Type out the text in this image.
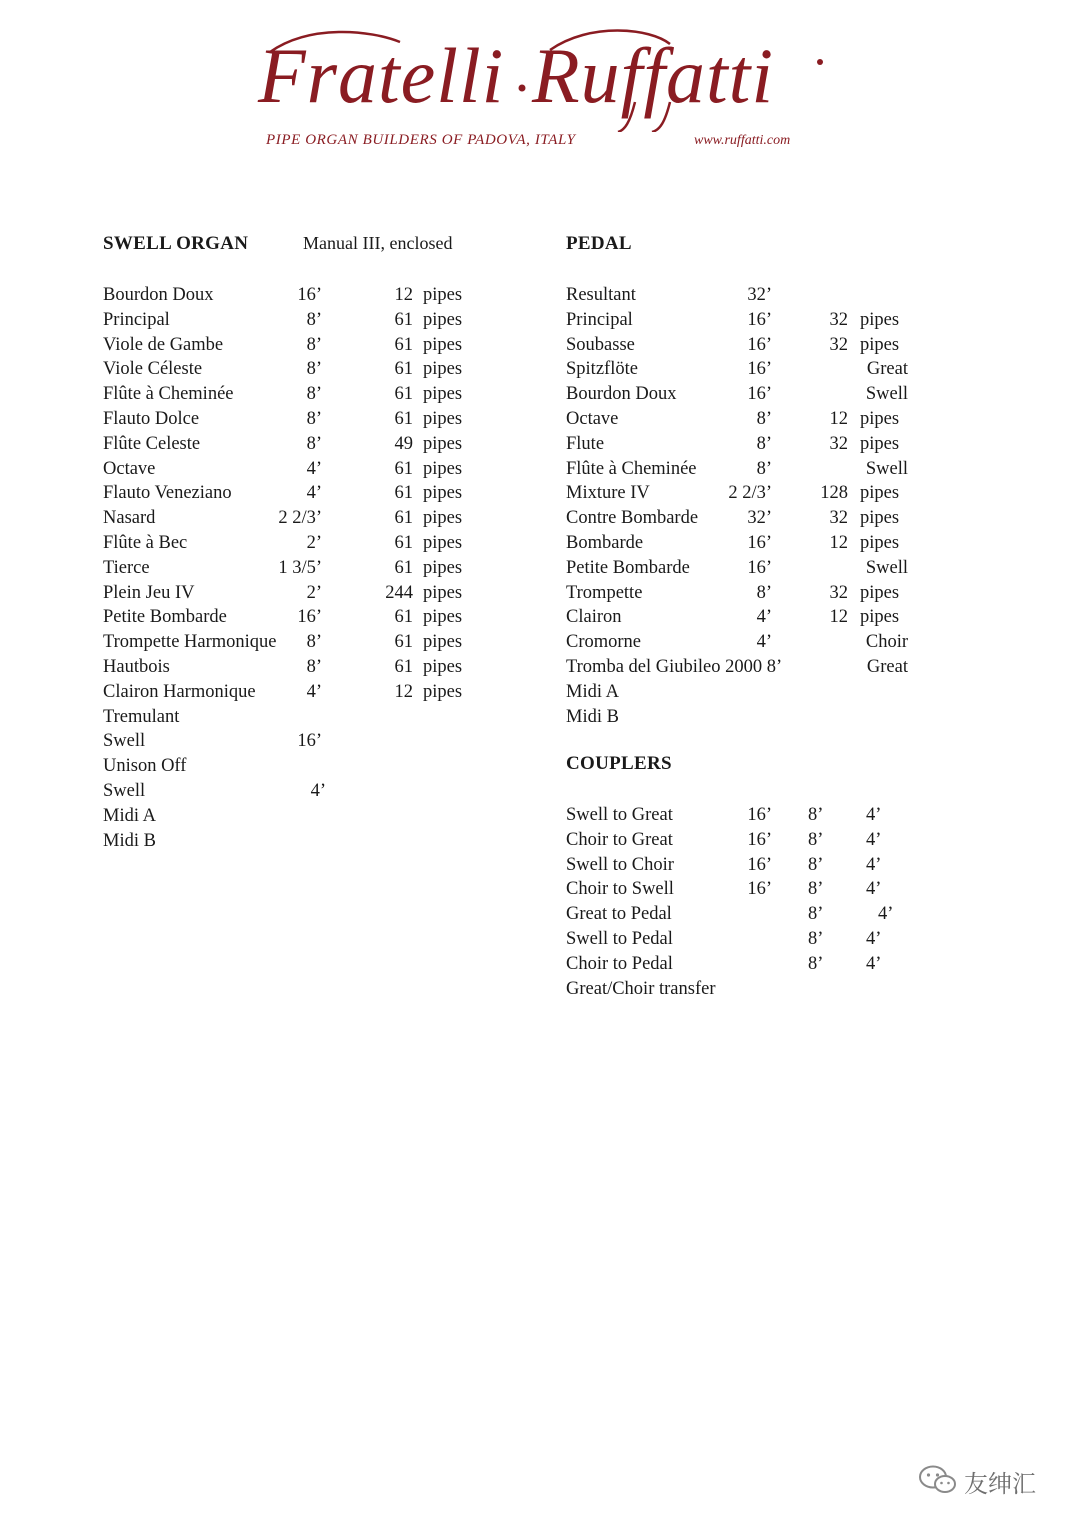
Fratelli Ruffatti
PIPE ORGAN BUILDERS OF PADOVA, ITALY	www.ruffatti.com
SWELL ORGAN	Manual III, enclosed	PEDAL
Bourdon Doux	16’	12 pipes
Principal	8’	61 pipes
Viole de Gambe	8’	61 pipes
Viole Céleste	8’	61 pipes
Flûte à Cheminée	8’	61 pipes
Flauto Dolce	8’	61 pipes
Flûte Celeste	8’	49 pipes
Octave	4’	61 pipes
Flauto Veneziano	4’	61 pipes
Nasard	2 2/3’	61 pipes
Flûte à Bec	2’	61 pipes
Tierce	1 3/5’	61 pipes
Plein Jeu IV	2’	244 pipes
Petite Bombarde	16’	61 pipes
Trompette Harmonique	8’	61 pipes
Hautbois	8’	61 pipes
Clairon Harmonique	4’	12 pipes
Tremulant
Swell	16’
Unison Off
Swell	4’
Midi A
Midi B
Resultant	32’
Principal	16’	32 pipes
Soubasse	16’	32 pipes
Spitzflöte	16’	Great
Bourdon Doux	16’	Swell
Octave	8’	12 pipes
Flute	8’	32 pipes
Flûte à Cheminée	8’	Swell
Mixture IV	2 2/3’	128 pipes
Contre Bombarde	32’	32 pipes
Bombarde	16’	12 pipes
Petite Bombarde	16’	Swell
Trompette	8’	32 pipes
Clairon	4’	12 pipes
Cromorne	4’	Choir
Tromba del Giubileo 2000 8’	Great
Midi A
Midi B
COUPLERS
Swell to Great	16’ 8’ 4’
Choir to Great	16’ 8’ 4’
Swell to Choir	16’ 8’ 4’
Choir to Swell	16’ 8’ 4’
Great to Pedal	8’	4’
Swell to Pedal	8’ 4’
Choir to Pedal	8’ 4’
Great/Choir transfer
友绅汇
